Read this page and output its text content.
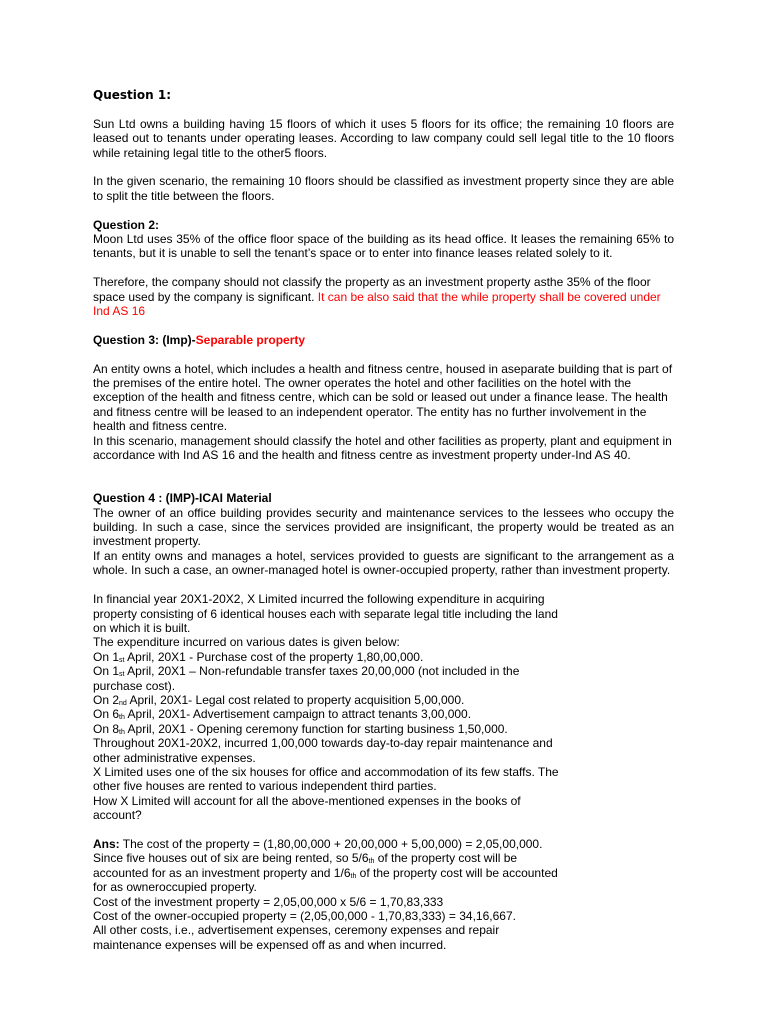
Question 1:

Sun Ltd owns a building having 15 floors of which it uses 5 floors for its office; the remaining 10 floors are leased out to tenants under operating leases. According to law company could sell legal title to the 10 floors while retaining legal title to the other5 floors.

In the given scenario, the remaining 10 floors should be classified as investment property since they are able to split the title between the floors.

Question 2:

Moon Ltd uses 35% of the office floor space of the building as its head office. It leases the remaining 65% to tenants, but it is unable to sell the tenant’s space or to enter into finance leases related solely to it.

Therefore, the company should not classify the property as an investment property asthe 35% of the floor space used by the company is significant. It can be also said that the while property shall be covered under Ind AS 16

Question 3: (Imp)-Separable property

An entity owns a hotel, which includes a health and fitness centre, housed in aseparate building that is part of the premises of the entire hotel. The owner operates the hotel and other facilities on the hotel with the exception of the health and fitness centre, which can be sold or leased out under a finance lease. The health and fitness centre will be leased to an independent operator. The entity has no further involvement in the health and fitness centre.

In this scenario, management should classify the hotel and other facilities as property, plant and equipment in accordance with Ind AS 16 and the health and fitness centre as investment property under-Ind AS 40.

Question 4 : (IMP)-ICAI Material

The owner of an office building provides security and maintenance services to the lessees who occupy the building. In such a case, since the services provided are insignificant, the property would be treated as an investment property.

If an entity owns and manages a hotel, services provided to guests are significant to the arrangement as a whole. In such a case, an owner-managed hotel is owner-occupied property, rather than investment property.

In financial year 20X1-20X2, X Limited incurred the following expenditure in acquiring property consisting of 6 identical houses each with separate legal title including the land on which it is built.

The expenditure incurred on various dates is given below:

On 1st April, 20X1 - Purchase cost of the property 1,80,00,000.

On 1st April, 20X1 – Non-refundable transfer taxes 20,00,000 (not included in the purchase cost).

On 2nd April, 20X1- Legal cost related to property acquisition 5,00,000.

On 6th April, 20X1- Advertisement campaign to attract tenants 3,00,000.

On 8th April, 20X1 - Opening ceremony function for starting business 1,50,000.

Throughout 20X1-20X2, incurred 1,00,000 towards day-to-day repair maintenance and other administrative expenses.

X Limited uses one of the six houses for office and accommodation of its few staffs. The other five houses are rented to various independent third parties.

How X Limited will account for all the above-mentioned expenses in the books of account?

Ans: The cost of the property = (1,80,00,000 + 20,00,000 + 5,00,000) = 2,05,00,000.

Since five houses out of six are being rented, so 5/6th of the property cost will be accounted for as an investment property and 1/6th of the property cost will be accounted for as owneroccupied property.

Cost of the investment property = 2,05,00,000 x 5/6 = 1,70,83,333

Cost of the owner-occupied property = (2,05,00,000 - 1,70,83,333) = 34,16,667.

All other costs, i.e., advertisement expenses, ceremony expenses and repair maintenance expenses will be expensed off as and when incurred.
